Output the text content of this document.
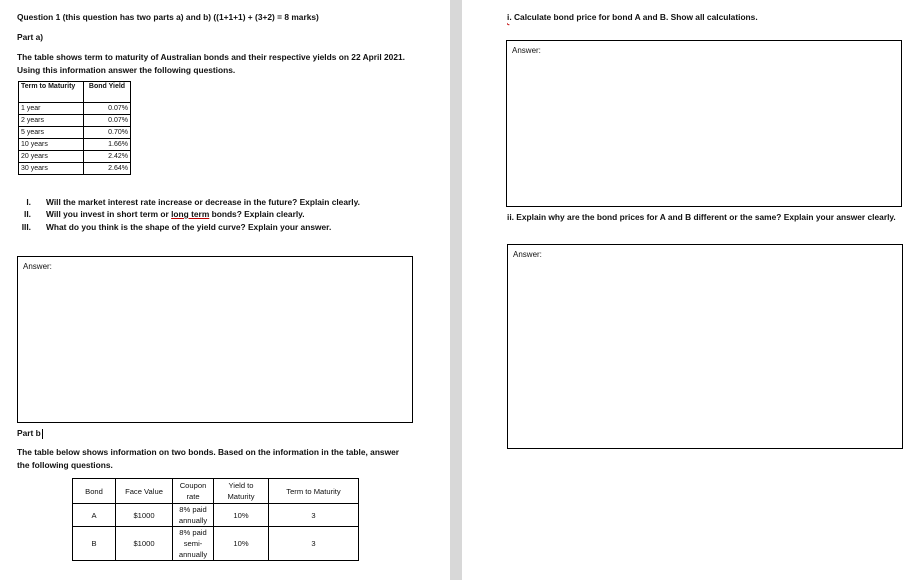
Question 1 (this question has two parts a) and b) ((1+1+1) + (3+2) = 8 marks)
Part a)
The table shows term to maturity of Australian bonds and their respective yields on 22 April 2021.
Using this information answer the following questions.
Term to Maturity	Bond Yield
1 year	0.07%
2 years	0.07%
5 years	0.70%
10 years	1.66%
20 years	2.42%
30 years	2.64%
I. Will the market interest rate increase or decrease in the future? Explain clearly.
II. Will you invest in short term or long term bonds? Explain clearly.
III. What do you think is the shape of the yield curve? Explain your answer.
Answer:
Part b
The table below shows information on two bonds. Based on the information in the table, answer
the following questions.
Bond	Face Value	Coupon rate	Yield to Maturity	Term to Maturity
A	$1000	8% paid annually	10%	3
B	$1000	8% paid semi-annually	10%	3
i. Calculate bond price for bond A and B. Show all calculations.
Answer:
ii. Explain why are the bond prices for A and B different or the same? Explain your answer clearly.
Answer:
